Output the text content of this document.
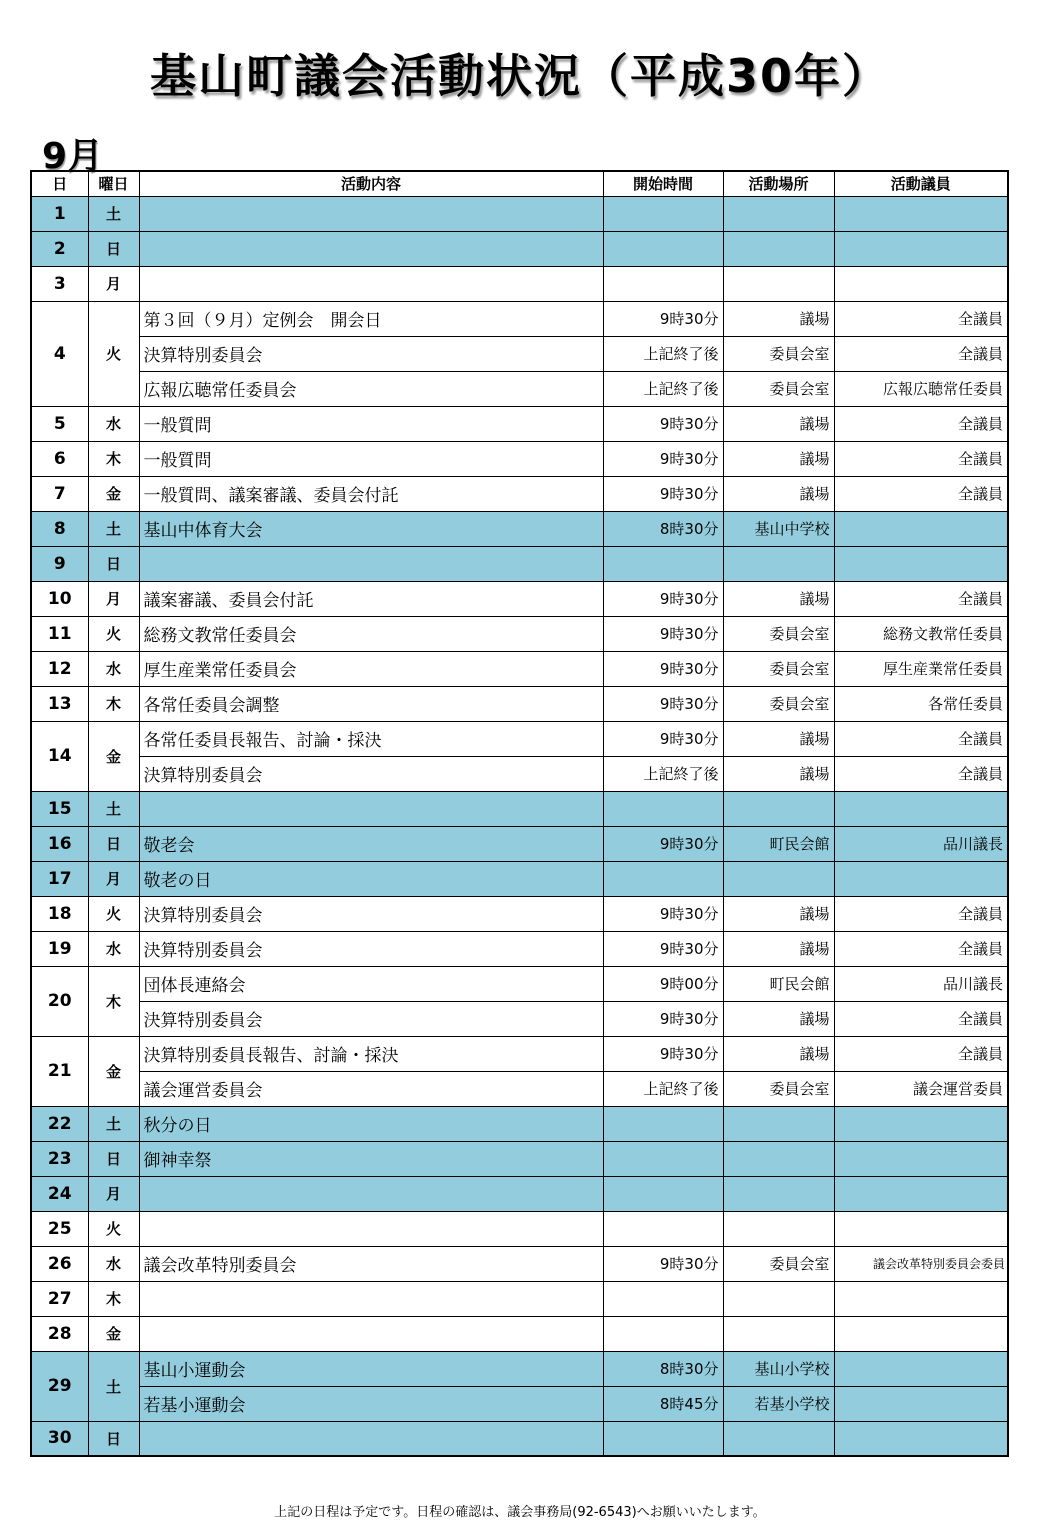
基山町議会活動状況（平成30年）
9月
日	曜日	活動内容	開始時間	活動場所	活動議員
1	土				
2	日				
3	月				
4	火	第３回（９月）定例会　開会日	9時30分	議場	全議員
		決算特別委員会	上記終了後	委員会室	全議員
		広報広聴常任委員会	上記終了後	委員会室	広報広聴常任委員
5	水	一般質問	9時30分	議場	全議員
6	木	一般質問	9時30分	議場	全議員
7	金	一般質問、議案審議、委員会付託	9時30分	議場	全議員
8	土	基山中体育大会	8時30分	基山中学校	
9	日				
10	月	議案審議、委員会付託	9時30分	議場	全議員
11	火	総務文教常任委員会	9時30分	委員会室	総務文教常任委員
12	水	厚生産業常任委員会	9時30分	委員会室	厚生産業常任委員
13	木	各常任委員会調整	9時30分	委員会室	各常任委員
14	金	各常任委員長報告、討論・採決	9時30分	議場	全議員
		決算特別委員会	上記終了後	議場	全議員
15	土				
16	日	敬老会	9時30分	町民会館	品川議長
17	月	敬老の日			
18	火	決算特別委員会	9時30分	議場	全議員
19	水	決算特別委員会	9時30分	議場	全議員
20	木	団体長連絡会	9時00分	町民会館	品川議長
		決算特別委員会	9時30分	議場	全議員
21	金	決算特別委員長報告、討論・採決	9時30分	議場	全議員
		議会運営委員会	上記終了後	委員会室	議会運営委員
22	土	秋分の日			
23	日	御神幸祭			
24	月				
25	火				
26	水	議会改革特別委員会	9時30分	委員会室	議会改革特別委員会委員
27	木				
28	金				
29	土	基山小運動会	8時30分	基山小学校	
		若基小運動会	8時45分	若基小学校	
30	日				
上記の日程は予定です。日程の確認は、議会事務局(92-6543)へお願いいたします。
